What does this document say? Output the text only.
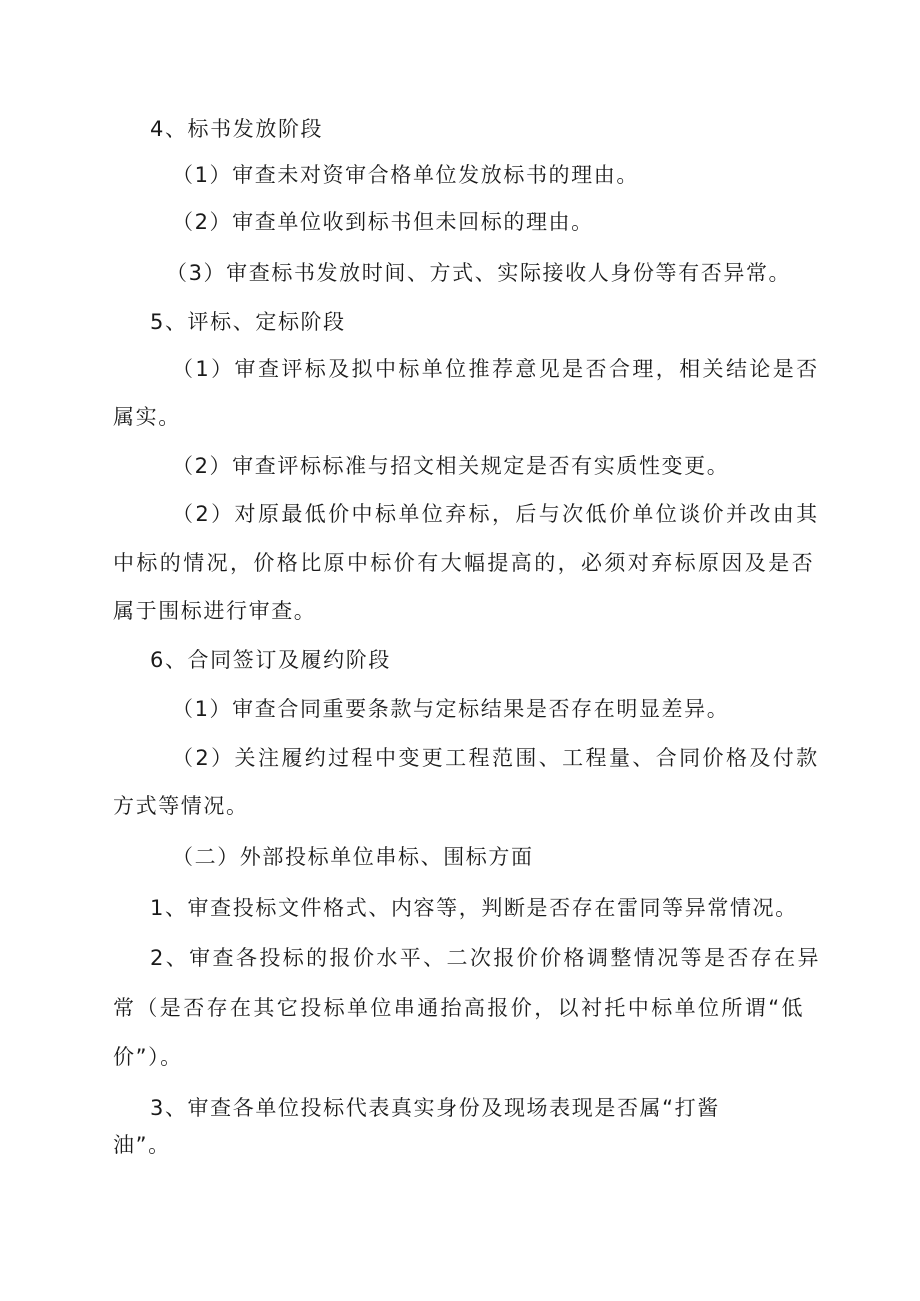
4、标书发放阶段
（1）审查未对资审合格单位发放标书的理由。
（2）审查单位收到标书但未回标的理由。
（3）审查标书发放时间、方式、实际接收人身份等有否异常。
5、评标、定标阶段
（1）审查评标及拟中标单位推荐意见是否合理，相关结论是否
属实。
（2）审查评标标准与招文相关规定是否有实质性变更。
（2）对原最低价中标单位弃标，后与次低价单位谈价并改由其
中标的情况，价格比原中标价有大幅提高的，必须对弃标原因及是否
属于围标进行审查。
6、合同签订及履约阶段
（1）审查合同重要条款与定标结果是否存在明显差异。
（2）关注履约过程中变更工程范围、工程量、合同价格及付款
方式等情况。
（二）外部投标单位串标、围标方面
1、审查投标文件格式、内容等，判断是否存在雷同等异常情况。
2、审查各投标的报价水平、二次报价价格调整情况等是否存在异
常（是否存在其它投标单位串通抬高报价，以衬托中标单位所谓“低
价”）。
3、审查各单位投标代表真实身份及现场表现是否属“打酱
油”。
